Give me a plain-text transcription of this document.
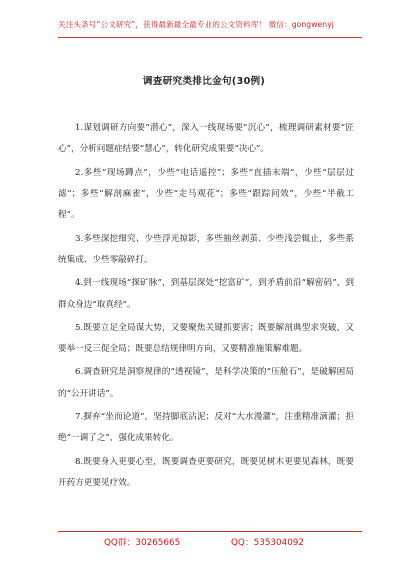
关注头条号“公文研究”，获得最新最全最专业的公文资料库！ 微信：gongwenyj
调查研究类排比金句(30例)

1.谋划调研方向要“潜心”，深入一线现场要“沉心”，梳理调研素材要“匠心”，分析问题症结要“慧心”，转化研究成果要“决心”。

2.多些“现场蹲点”，少些“电话遥控”；多些“直插末端”，少些“层层过滤”；多些“解剖麻雀”，少些“走马观花”；多些“跟踪问效”，少些“半截工程”。

3.多些深挖细究、少些浮光掠影，多些抽丝剥茧、少些浅尝辄止，多些系统集成、少些零敲碎打。

4.到一线现场“探矿脉”，到基层深处“挖富矿”，到矛盾前沿“解密码”，到群众身边“取真经”。

5.既要立足全局谋大势，又要聚焦关键抓要害；既要解剖典型求突破，又要举一反三促全局；既要总结规律明方向，又要精准施策解难题。

6.调查研究是洞察规律的“透视镜”，是科学决策的“压舱石”，是破解困局的“公开讲话”。

7.摒弃“坐而论道”，坚持脚底沾泥；反对“大水漫灌”，注重精准滴灌；拒绝“一调了之”，强化成果转化。

8.既要身入更要心至，既要调查更要研究，既要见树木更要见森林，既要开药方更要见疗效。

QQ群：30265665	QQ：535304092
